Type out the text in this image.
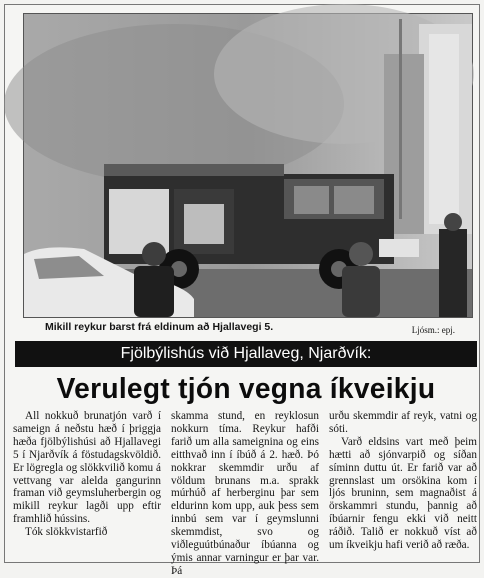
Mikill reykur barst frá eldinum að Hjallavegi 5.	Ljósm.: epj.
Fjölbýlishús við Hjallaveg, Njarðvík:
Verulegt tjón vegna íkveikju

All nokkuð brunatjón varð í sameign á neðstu hæð í þriggja hæða fjölbýlishúsi að Hjallavegi 5 í Njarðvík á föstudagskvöldið. Er lögregla og slökkvilið komu á vettvang var alelda gangurinn framan við geymsluherbergin og mikill reykur lagði upp eftir framhlið hússins.

Tók slökkvistarfið

skamma stund, en reyklosun nokkurn tíma. Reykur hafði farið um alla sameignina og eins eitthvað inn í íbúð á 2. hæð. Þó nokkrar skemmdir urðu af völdum brunans m.a. sprakk múrhúð af herberginu þar sem eldurinn kom upp, auk þess sem innbú sem var í geymslunni skemmdist, svo og viðleguútbúnaður íbúanna og ýmis annar varningur er þar var. Þá

urðu skemmdir af reyk, vatni og sóti.

Varð eldsins vart með þeim hætti að sjónvarpið og síðan síminn duttu út. Er farið var að grennslast um orsökina kom í ljós bruninn, sem magnaðist á örskammri stundu, þannig að íbúarnir fengu ekki við neitt ráðið. Talið er nokkuð víst að um íkveikju hafi verið að ræða.
